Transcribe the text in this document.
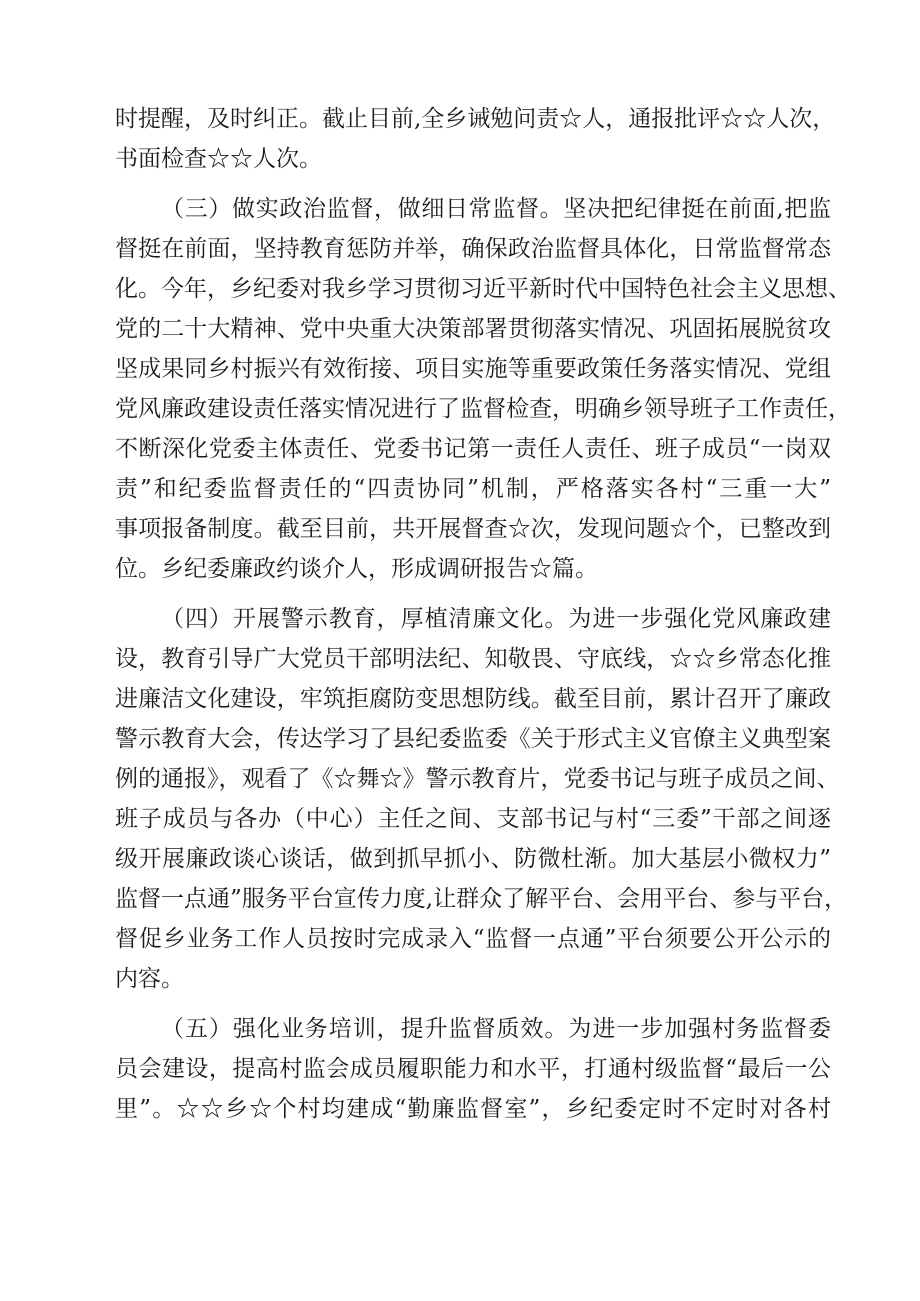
时提醒，及时纠正。截止目前,全乡诫勉问责☆人，通报批评☆☆人次，
书面检查☆☆人次。
（三）做实政治监督，做细日常监督。坚决把纪律挺在前面,把监
督挺在前面，坚持教育惩防并举，确保政治监督具体化，日常监督常态
化。今年，乡纪委对我乡学习贯彻习近平新时代中国特色社会主义思想、
党的二十大精神、党中央重大决策部署贯彻落实情况、巩固拓展脱贫攻
坚成果同乡村振兴有效衔接、项目实施等重要政策任务落实情况、党组
党风廉政建设责任落实情况进行了监督检查，明确乡领导班子工作责任，
不断深化党委主体责任、党委书记第一责任人责任、班子成员“一岗双
责”和纪委监督责任的“四责协同”机制，严格落实各村“三重一大”
事项报备制度。截至目前，共开展督查☆次，发现问题☆个，已整改到
位。乡纪委廉政约谈介人，形成调研报告☆篇。
（四）开展警示教育，厚植清廉文化。为进一步强化党风廉政建
设，教育引导广大党员干部明法纪、知敬畏、守底线，☆☆乡常态化推
进廉洁文化建设，牢筑拒腐防变思想防线。截至目前，累计召开了廉政
警示教育大会，传达学习了县纪委监委《关于形式主义官僚主义典型案
例的通报》，观看了《☆舞☆》警示教育片，党委书记与班子成员之间、
班子成员与各办（中心）主任之间、支部书记与村“三委”干部之间逐
级开展廉政谈心谈话，做到抓早抓小、防微杜渐。加大基层小微权力”
监督一点通”服务平台宣传力度,让群众了解平台、会用平台、参与平台，
督促乡业务工作人员按时完成录入“监督一点通”平台须要公开公示的
内容。
（五）强化业务培训，提升监督质效。为进一步加强村务监督委
员会建设，提高村监会成员履职能力和水平，打通村级监督“最后一公
里”。☆☆乡☆个村均建成“勤廉监督室”，乡纪委定时不定时对各村
